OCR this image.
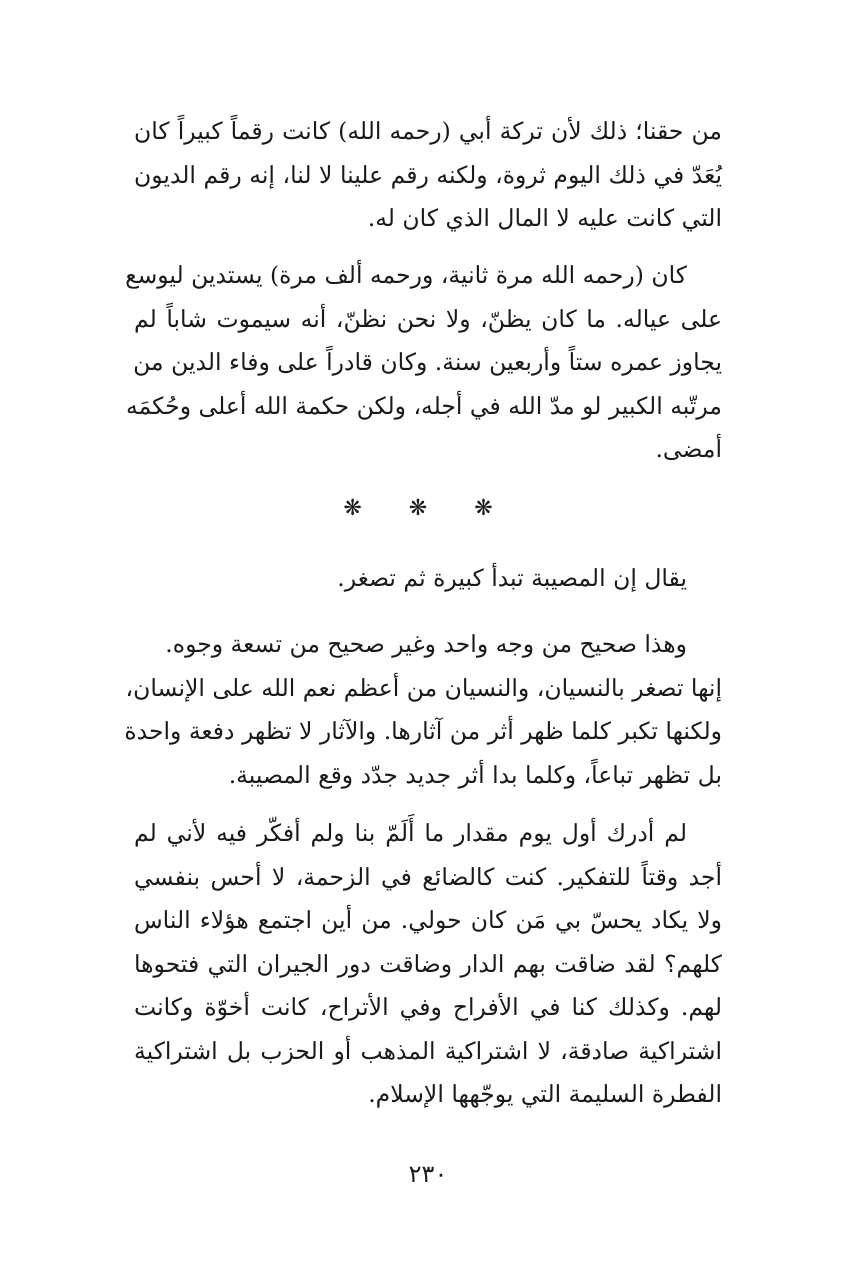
من حقنا؛ ذلك لأن تركة أبي (رحمه الله) كانت رقماً كبيراً كان
يُعَدّ في ذلك اليوم ثروة، ولكنه رقم علينا لا لنا، إنه رقم الديون
التي كانت عليه لا المال الذي كان له.
كان (رحمه الله مرة ثانية، ورحمه ألف مرة) يستدين ليوسع
على عياله. ما كان يظنّ، ولا نحن نظنّ، أنه سيموت شاباً لم
يجاوز عمره ستاً وأربعين سنة. وكان قادراً على وفاء الدين من
مرتّبه الكبير لو مدّ الله في أجله، ولكن حكمة الله أعلى وحُكمَه
أمضى.
❋ ❋ ❋
يقال إن المصيبة تبدأ كبيرة ثم تصغر.
وهذا صحيح من وجه واحد وغير صحيح من تسعة وجوه.
إنها تصغر بالنسيان، والنسيان من أعظم نعم الله على الإنسان،
ولكنها تكبر كلما ظهر أثر من آثارها. والآثار لا تظهر دفعة واحدة
بل تظهر تباعاً، وكلما بدا أثر جديد جدّد وقع المصيبة.
لم أدرك أول يوم مقدار ما أَلَمّ بنا ولم أفكّر فيه لأني لم
أجد وقتاً للتفكير. كنت كالضائع في الزحمة، لا أحس بنفسي
ولا يكاد يحسّ بي مَن كان حولي. من أين اجتمع هؤلاء الناس
كلهم؟ لقد ضاقت بهم الدار وضاقت دور الجيران التي فتحوها
لهم. وكذلك كنا في الأفراح وفي الأتراح، كانت أخوّة وكانت
اشتراكية صادقة، لا اشتراكية المذهب أو الحزب بل اشتراكية
الفطرة السليمة التي يوجّهها الإسلام.
٢٣٠
